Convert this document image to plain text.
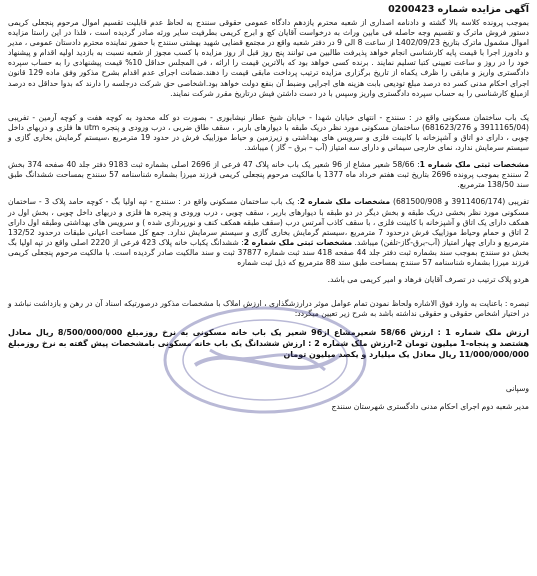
آگهی مزایده شماره 0200423

بموجب پرونده کلاسه بالا گشته و دادنامه اصداری از شعبه محترم یازدهم دادگاه عمومی حقوقی سنندج به لحاظ عدم قابلیت تقسیم اموال مرحوم پنجعلی کریمی دستور فروش ماترک و تقسیم وجه حاصله فی مابین وراث به درخواست آقایان کچ و ابرج کریمی بطرفیت سایر ورثه صادر گردیده است ، فلذا در این راستا مزایده اموال مشمول ماترک بتاریخ 1402/09/23 از ساعت 8 الی 9 در دفتر شعبه واقع در مجتمع قضایی شهید بهشتی سنندج با حضور نماینده محترم دادستان عمومی ، مدیر و دادورز اجرا با قیمت پایه کارشناسی انجام خواهد پذیرفت طالبین می توانند پنج روز قبل از روز مزایده با کسب مجوز از شعبه نسبت به بازدید اولیه اقدام و پیشنهاد خود را در روز و ساعت تعیینی کتبا تسلیم نمایند . برنده کسی خواهد بود که بالاترین قیمت را ارائه ، فی المجلس حداقل 10% قیمت پیشنهادی را به حساب سپرده دادگستری واریز و مابقی را ظرف یکماه از تاریخ برگزاری مزایده ترتیب پرداخت مابقی قیمت را دهند.ضمانت اجرای عدم اقدام بشرح مذکور وفق ماده 129 قانون اجرای احکام مدنی کسر ده درصد مبلغ تودیعی بابت هزینه های اجرایی وضبط آن بنفع دولت خواهد بود.اشخاصی حق شرکت درجلسه را دارند که بدوا حداقل ده درصد ازمبلغ کارشناسی را به حساب سپرده دادگستری واریز وسپس با در دست داشتن فیش درتاریخ مقرر شرکت نمایند.

یک باب ساختمان مسکونی واقع در : سنندج - انتهای خیابان شهدا - خیابان شیخ عطار نیشابوری - بصورت دو کله محدود به کوچه هفت و کوچه آرمین - تفریبی (3911165/04 و 681623/276) ساختمان مسکونی مورد نظر دریک طبقه با دیوارهای باربر ، سقف طاق ضربی ، درب ورودی و پنجره utm ها فلزی و دربهای داخل چوبی ، دارای دو اتاق و آشپزخانه با کابینت فلزی و سرویس های بهداشتی و زیرزمین و حیاط موزاییک فرش در حدود 19 مترمربع ،سیستم گرمایش بخاری گازی و سیستم سرمایش ندارد، نمای خارجی سیمانی و دارای سه امتیاز (آب – برق – گاز ) میباشد.

مشخصات ثبتی ملک شماره 1: 58/66 شعیر مشاع از 96 شعیر یک باب خانه پلاک 47 فرعی از 2696 اصلی بشماره ثبت 9183 دفتر جلد 40 صفحه 374 بخش 2 سنندج بموجب پرونده 2696 بتاریخ ثبت هفتم خرداد ماه 1377 با مالکیت مرحوم پنجعلی کریمی فرزند میرزا بشماره شناسنامه 57 سنندج بمساحت ششدانگ طبق سند 138/50 مترمربع.

تفریبی (3911406/174 و 681500/908) مشخصات ملک شماره 2: یک باب ساختمان مسکونی واقع در : سنندج - تپه اولیا بگ - کوچه حامد پلاک 3 - ساختمان مسکونی مورد نظر بخشی دریک طبقه و بخش دیگر در دو طبقه با دیوارهای باربر ، سقف چوبی ، درب ورودی و پنجره ها فلزی و دربهای داخل چوبی ، بخش اول در همکف دارای یک اتاق و آشپزخانه با کابینت فلزی ، با سقف کاذب آمرتس درب (سقف طبقه همکف کنف و نورپردازی شده ) و سرویس های بهداشتی وطبقه اول دارای 2 اتاق و حمام وحیاط موزاییک فرش درحدود 7 مترمربع ،سیستم گرمایش بخاری گازی و سیستم سرمایش ندارد. جمع کل مساحت اعیانی طبقات درحدود 132/52 مترمربع و دارای چهار امتیاز (آب-برق-گاز-تلفن) میباشد. مشخصات ثبتی ملک شماره 2: ششدانگ یکباب خانه پلاک 423 فرعی از 2220 اصلی واقع در تپه اولیا بگ بخش دو سنندج بموجب سند بشماره ثبت دفتر جلد 44 صفحه 418 سند ثبت شماره 37877 ثبت و سند مالکیت صادر گردیده است. با مالکیت مرحوم پنجعلی کریمی فرزند میرزا بشماره شناسنامه 57 سنندج بمساحت طبق سند 88 مترمربع که ذیل ثبت شماره

هردو پلاک ترتیب در تصرف آقایان فرهاد و امیر کریمی می باشد.

تبصره : باعنایت به وارد فوق الاشاره ولحاظ نمودن تمام عوامل موثر درارزشگذاری ، ارزش املاک با مشخصات مذکور درصورتیکه اسناد آن در رهن و بازداشت نباشد و در اختیار اشخاص حقوقی و حقوقی نداشته باشد به شرح زیر تعیین میگردد:

ارزش ملک شماره 1 : ارزش 58/66 شعیرمشاع از96 شعیر یک باب خانه مسکونی به نرخ روزمبلغ 8/500/000/000 ریال معادل هشتصد و پنجاه-1 میلیون تومان 2-ارزش ملک شماره 2 : ارزش ششدانگ یک باب خانه مسکونی بامشخصات پیش گفته به نرخ روزمبلغ 11/000/000/000 ریال معادل یک میلیارد و یکصد میلیون تومان

وسپانی
مدیر شعبه دوم اجرای احکام مدنی دادگستری شهرستان سنندج
